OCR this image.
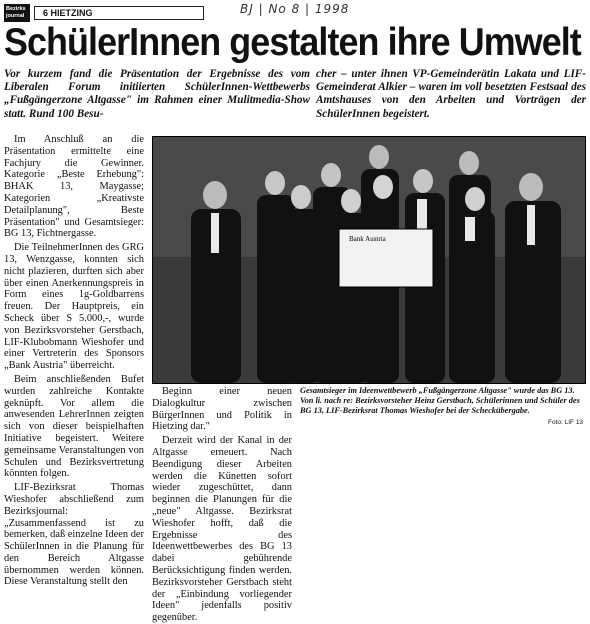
Bezirks journal	6 HIETZING	BJ | No 8 | 1998
SchülerInnen gestalten ihre Umwelt
Vor kurzem fand die Präsentation der Ergebnisse des vom Liberalen Forum initiierten SchülerInnen-Wettbewerbs „Fußgängerzone Altgasse" im Rahmen einer Mulitmedia-Show statt. Rund 100 Besu-
cher – unter ihnen VP-Gemeinderätin Lakata und LIF-Gemeinderat Alkier – waren im voll besetzten Festsaal des Amtshauses von den Arbeiten und Vorträgen der SchülerInnen begeistert.

Im Anschluß an die Präsentation ermittelte eine Fachjury die Gewinner. Kategorie „Beste Erhebung": BHAK 13, Maygasse; Kategorien „Kreativste Detailplanung", Beste Präsentation" und Gesamtsieger: BG 13, Fichtnergasse.

Die TeilnehmerInnen des GRG 13, Wenzgasse, konnten sich nicht plazieren, durften sich aber über einen Anerkennungspreis in Form eines 1g-Goldbarrens freuen. Der Hauptpreis, ein Scheck über S 5.000,-, wurde von Bezirksvorsteher Gerstbach, LIF-Klubobmann Wieshofer und einer Vertreterin des Sponsors „Bank Austria" überreicht.

Beim anschließenden Bufet wurden zahlreiche Kontakte geknüpft. Vor allem die anwesenden LehrerInnen zeigten sich von dieser beispielhaften Initiative begeistert. Weitere gemeinsame Veranstaltungen von Schulen und Bezirksvertretung könnten folgen.

LIF-Bezirksrat Thomas Wieshofer abschließend zum Bezirksjournal: „Zusammenfassend ist zu bemerken, daß einzelne Ideen der SchülerInnen in die Planung für den Bereich Altgasse übernommen werden können. Diese Veranstaltung stellt den

Bank Austria

Beginn einer neuen Dialogkultur zwischen BürgerInnen und Politik in Hietzing dar."

Derzeit wird der Kanal in der Altgasse erneuert. Nach Beendigung dieser Arbeiten werden die Künetten sofort wieder zugeschüttet, dann beginnen die Planungen für die „neue" Altgasse. Bezirksrat Wieshofer hofft, daß die Ergebnisse des Ideenwettbewerbes des BG 13 dabei gebührende Berücksichtigung finden werden. Bezirksvorsteher Gerstbach steht der „Einbindung vorliegender Ideen" jedenfalls positiv gegenüber.

Gesamtsieger im Ideenwettbewerb „Fußgängerzone Altgasse" wurde das BG 13. Von li. nach re: Bezirksvorsteher Heinz Gerstbach, Schülerinnen und Schüler des BG 13, LIF-Bezirksrat Thomas Wieshofer bei der Scheckübergabe.
Foto: LIF 13
